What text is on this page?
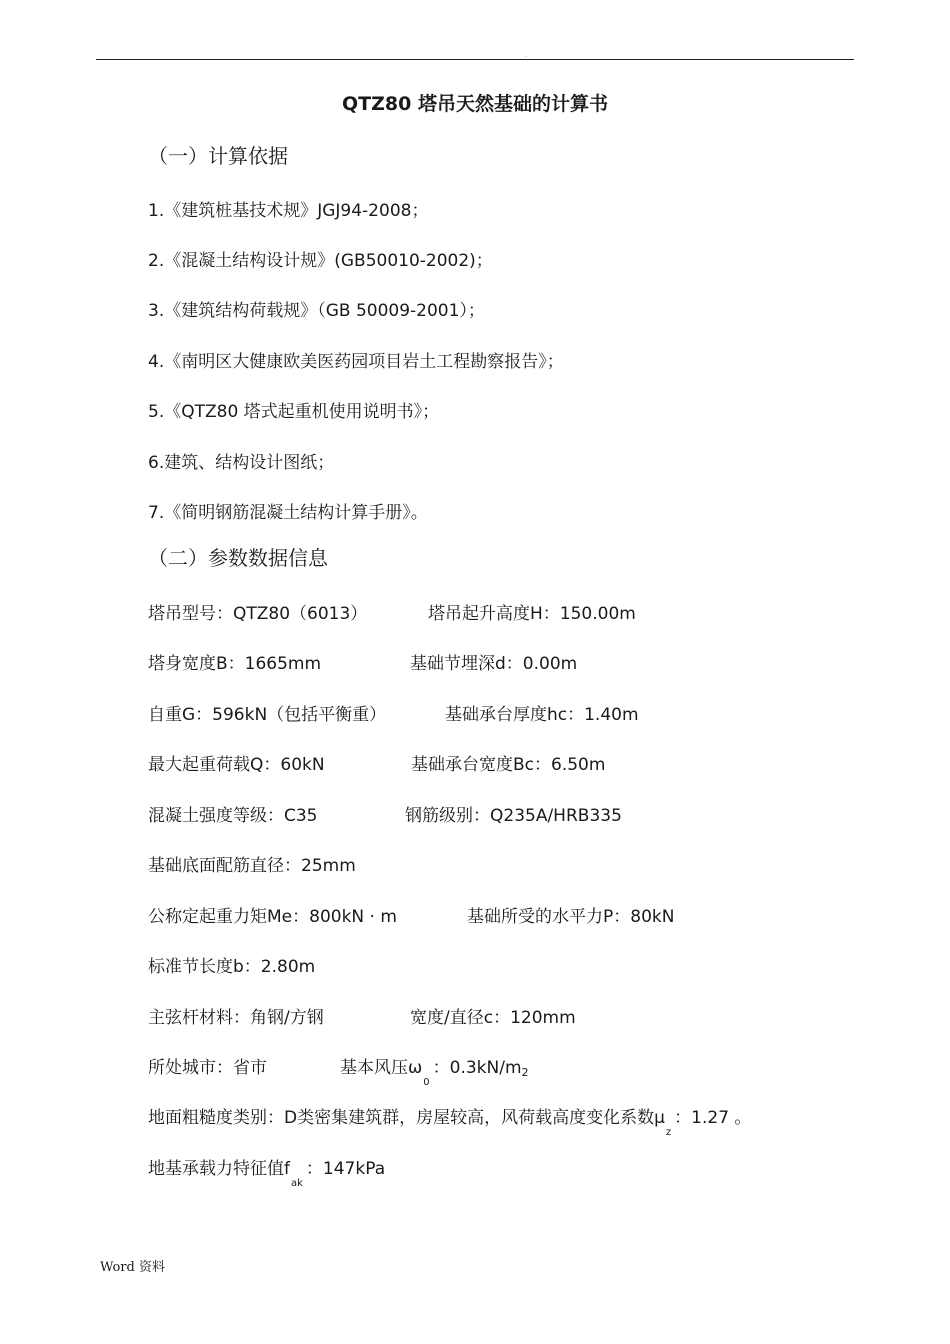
.
QTZ80 塔吊天然基础的计算书
（一）计算依据
1.《建筑桩基技术规》JGJ94-2008；
2.《混凝土结构设计规》(GB50010-2002)；
3.《建筑结构荷载规》（GB 50009-2001）；
4.《南明区大健康欧美医药园项目岩土工程勘察报告》；
5.《QTZ80 塔式起重机使用说明书》；
6.建筑、结构设计图纸；
7.《简明钢筋混凝土结构计算手册》。
（二）参数数据信息
塔吊型号：QTZ80（6013）	塔吊起升高度H：150.00m
塔身宽度B：1665mm	基础节埋深d：0.00m
自重G：596kN（包括平衡重）	基础承台厚度hc：1.40m
最大起重荷载Q：60kN	基础承台宽度Bc：6.50m
混凝土强度等级：C35	钢筋级别：Q235A/HRB335
基础底面配筋直径：25mm
公称定起重力矩Me：800kN · m	基础所受的水平力P：80kN
标准节长度b：2.80m
主弦杆材料：角钢/方钢	宽度/直径c：120mm
所处城市：省市	基本风压$\omega_0$：0.3kN/m2
地面粗糙度类别：D类密集建筑群，房屋较高，风荷载高度变化系数$\mu_z$：1.27 。
地基承载力特征值$f_{ak}$：147kPa
Word 资料
